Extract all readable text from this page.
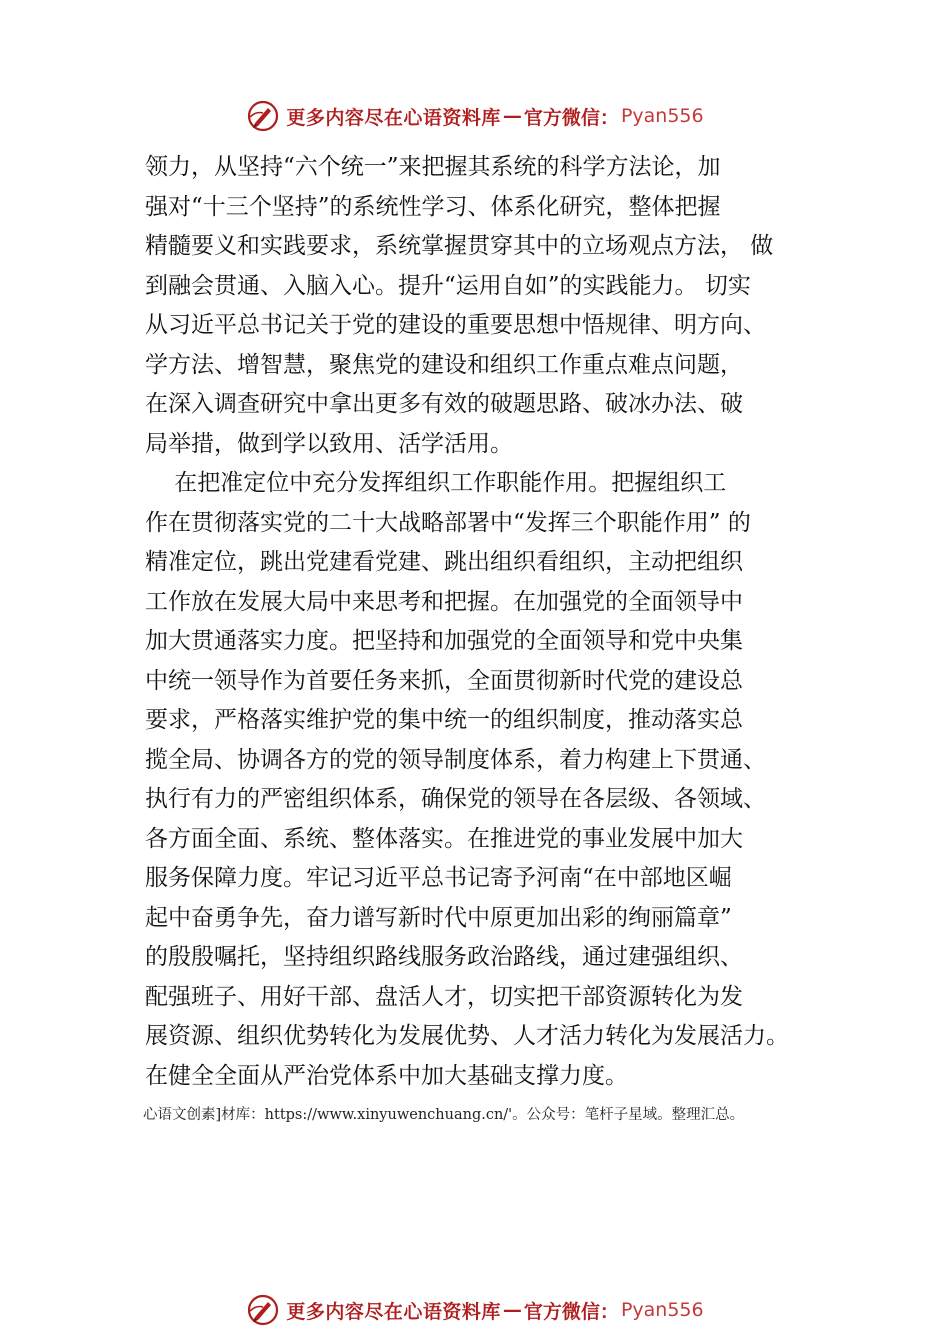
更多内容尽在心语资料库 — 官方微信： Pyan556
领力，从坚持“六个统一”来把握其系统的科学方法论，加
强对“十三个坚持”的系统性学习、体系化研究，整体把握
精髓要义和实践要求，系统掌握贯穿其中的立场观点方法， 做
到融会贯通、入脑入心。提升“运用自如”的实践能力。 切实
从习近平总书记关于党的建设的重要思想中悟规律、明方向、
学方法、增智慧，聚焦党的建设和组织工作重点难点问题，
在深入调查研究中拿出更多有效的破题思路、破冰办法、破
局举措，做到学以致用、活学活用。
在把准定位中充分发挥组织工作职能作用。把握组织工
作在贯彻落实党的二十大战略部署中“发挥三个职能作用” 的
精准定位，跳出党建看党建、跳出组织看组织，主动把组织
工作放在发展大局中来思考和把握。在加强党的全面领导中
加大贯通落实力度。把坚持和加强党的全面领导和党中央集
中统一领导作为首要任务来抓，全面贯彻新时代党的建设总
要求，严格落实维护党的集中统一的组织制度，推动落实总
揽全局、协调各方的党的领导制度体系，着力构建上下贯通、
执行有力的严密组织体系，确保党的领导在各层级、各领域、
各方面全面、系统、整体落实。在推进党的事业发展中加大
服务保障力度。牢记习近平总书记寄予河南“在中部地区崛
起中奋勇争先，奋力谱写新时代中原更加出彩的绚丽篇章”
的殷殷嘱托，坚持组织路线服务政治路线，通过建强组织、
配强班子、用好干部、盘活人才，切实把干部资源转化为发
展资源、组织优势转化为发展优势、人才活力转化为发展活力。
在健全全面从严治党体系中加大基础支撑力度。
心语文创素]材库：https://www.xinyuwenchuang.cn/'。公众号：笔杆子星域。整理汇总。
更多内容尽在心语资料库 — 官方微信： Pyan556
